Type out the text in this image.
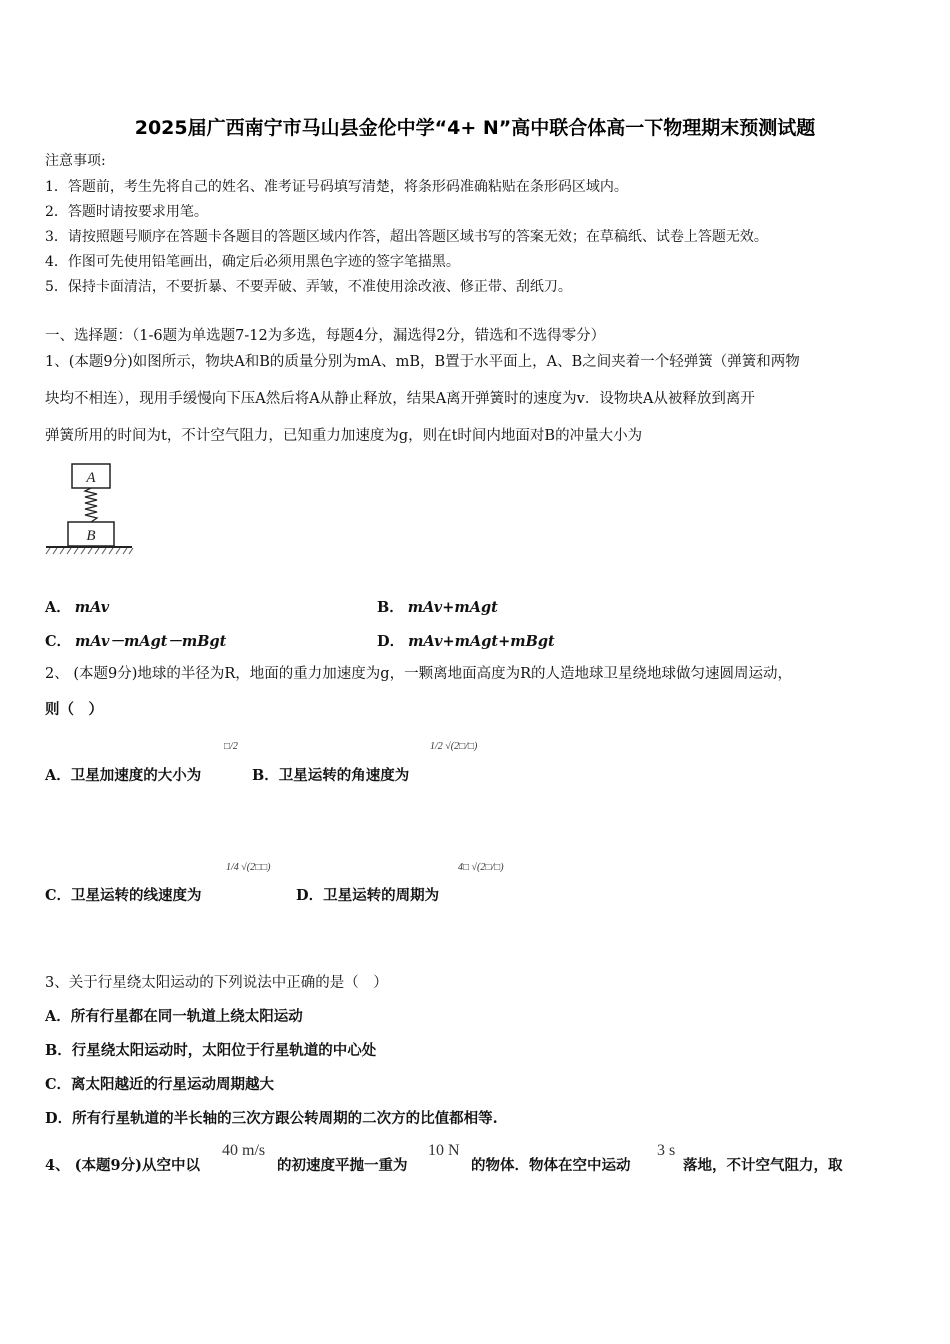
2025届广西南宁市马山县金伦中学“4+ N”高中联合体高一下物理期末预测试题
注意事项:
1．答题前，考生先将自己的姓名、准考证号码填写清楚，将条形码准确粘贴在条形码区域内。
2．答题时请按要求用笔。
3．请按照题号顺序在答题卡各题目的答题区域内作答，超出答题区域书写的答案无效；在草稿纸、试卷上答题无效。
4．作图可先使用铅笔画出，确定后必须用黑色字迹的签字笔描黑。
5．保持卡面清洁，不要折暴、不要弄破、弄皱，不准使用涂改液、修正带、刮纸刀。
一、选择题：（1-6题为单选题7-12为多选，每题4分，漏选得2分，错选和不选得零分）
1、(本题9分)如图所示，物块A和B的质量分别为mA、mB，B置于水平面上，A、B之间夹着一个轻弹簧（弹簧和两物
块均不相连），现用手缓慢向下压A然后将A从静止释放，结果A离开弹簧时的速度为v．设物块A从被释放到离开
弹簧所用的时间为t，不计空气阻力，已知重力加速度为g，则在t时间内地面对B的冲量大小为
A
B
A． mAv	B． mAv+mAgt
C． mAv－mAgt－mBgt	D． mAv+mAgt+mBgt
2、 (本题9分)地球的半径为R，地面的重力加速度为g，一颗离地面高度为R的人造地球卫星绕地球做匀速圆周运动，
则（　）
A．卫星加速度的大小为
□/2
B．卫星运转的角速度为
1/2 √(2□/□)
C．卫星运转的线速度为
1/4 √(2□□)
D．卫星运转的周期为
4□ √(2□/□)
3、关于行星绕太阳运动的下列说法中正确的是（　）
A．所有行星都在同一轨道上绕太阳运动
B．行星绕太阳运动时，太阳位于行星轨道的中心处
C．离太阳越近的行星运动周期越大
D．所有行星轨道的半长轴的三次方跟公转周期的二次方的比值都相等.
4、 (本题9分)从空中以
40 m/s
的初速度平抛一重为
10 N
的物体．物体在空中运动
3 s
落地，不计空气阻力，取
